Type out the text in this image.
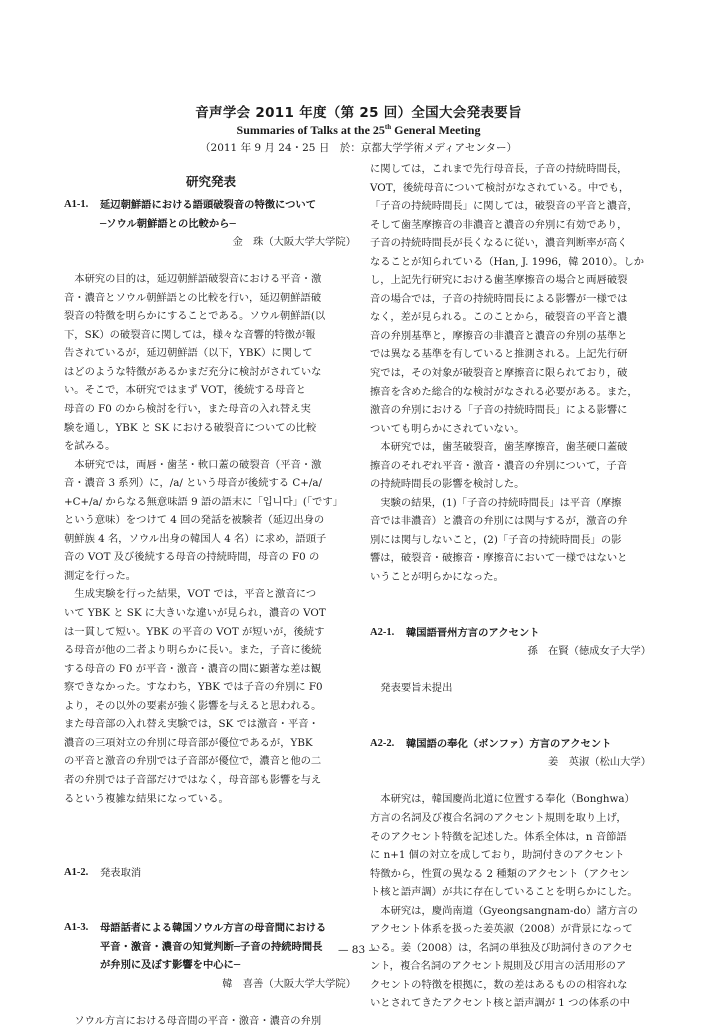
音声学会 2011 年度（第 25 回）全国大会発表要旨
Summaries of Talks at the 25th General Meeting
（2011 年 9 月 24・25 日　於：京都大学学術メディアセンター）
研究発表
A1-1.	延辺朝鮮語における語頭破裂音の特徴について
─ソウル朝鮮語との比較から─
金　珠（大阪大学大学院）
本研究の目的は，延辺朝鮮語破裂音における平音・激
音・濃音とソウル朝鮮語との比較を行い，延辺朝鮮語破
裂音の特徴を明らかにすることである。ソウル朝鮮語(以
下，SK）の破裂音に関しては，様々な音響的特徴が報
告されているが，延辺朝鮮語（以下，YBK）に関して
はどのような特徴があるかまだ充分に検討がされていな
い。そこで，本研究ではまず VOT，後続する母音と
母音の F0 のから検討を行い，また母音の入れ替え実
験を通し，YBK と SK における破裂音についての比較
を試みる。
本研究では，両唇・歯茎・軟口蓋の破裂音（平音・激
音・濃音 3 系列）に，/a/ という母音が後続する C+/a/
+C+/a/ からなる無意味語 9 語の語末に「입니다」(「です」
という意味）をつけて 4 回の発話を被験者（延辺出身の
朝鮮族 4 名，ソウル出身の韓国人 4 名）に求め，語頭子
音の VOT 及び後続する母音の持続時間，母音の F0 の
測定を行った。
生成実験を行った結果，VOT では，平音と激音につ
いて YBK と SK に大きいな違いが見られ，濃音の VOT
は一貫して短い。YBK の平音の VOT が短いが，後続す
る母音が他の二者より明らかに長い。また，子音に後続
する母音の F0 が平音・激音・濃音の間に顕著な差は観
察できなかった。すなわち，YBK では子音の弁別に F0
より，その以外の要素が強く影響を与えると思われる。
また母音部の入れ替え実験では，SK では激音・平音・
濃音の三項対立の弁別に母音部が優位であるが，YBK
の平音と激音の弁別では子音部が優位で，濃音と他の二
者の弁別では子音部だけではなく，母音部も影響を与え
るという複雑な結果になっている。
A1-2.	発表取消
A1-3.	母語話者による韓国ソウル方言の母音間における
平音・激音・濃音の知覚判断─子音の持続時間長
が弁別に及ぼす影響を中心に─
韓　喜善（大阪大学大学院）
ソウル方言における母音間の平音・激音・濃音の弁別
に関しては，これまで先行母音長，子音の持続時間長，
VOT，後続母音について検討がなされている。中でも，
「子音の持続時間長」に関しては，破裂音の平音と濃音，
そして歯茎摩擦音の非濃音と濃音の弁別に有効であり，
子音の持続時間長が長くなるに従い，濃音判断率が高く
なることが知られている（Han, J. 1996，韓 2010）。しか
し，上記先行研究における歯茎摩擦音の場合と両唇破裂
音の場合では，子音の持続時間長による影響が一様では
なく，差が見られる。このことから，破裂音の平音と濃
音の弁別基準と，摩擦音の非濃音と濃音の弁別の基準と
では異なる基準を有していると推測される。上記先行研
究では，その対象が破裂音と摩擦音に限られており，破
擦音を含めた総合的な検討がなされる必要がある。また，
激音の弁別における「子音の持続時間長」による影響に
ついても明らかにされていない。
本研究では，歯茎破裂音，歯茎摩擦音，歯茎硬口蓋破
擦音のそれぞれ平音・激音・濃音の弁別について，子音
の持続時間長の影響を検討した。
実験の結果，(1)「子音の持続時間長」は平音（摩擦
音では非濃音）と濃音の弁別には関与するが，激音の弁
別には関与しないこと，(2)「子音の持続時間長」の影
響は，破裂音・破擦音・摩擦音において一様ではないと
いうことが明らかになった。
A2-1.	韓国語晋州方言のアクセント
孫　在賢（徳成女子大学）
発表要旨未提出
A2-2.	韓国語の奉化（ボンファ）方言のアクセント
姜　英淑（松山大学）
本研究は，韓国慶尚北道に位置する奉化（Bonghwa）
方言の名詞及び複合名詞のアクセント規則を取り上げ，
そのアクセント特徴を記述した。体系全体は，n 音節語
に n+1 個の対立を成しており，助詞付きのアクセント
特徴から，性質の異なる 2 種類のアクセント（アクセン
ト核と語声調）が共に存在していることを明らかにした。
本研究は，慶尚南道（Gyeongsangnam-do）諸方言の
アクセント体系を扱った姜英淑（2008）が背景になって
いる。姜（2008）は，名詞の単独及び助詞付きのアクセ
ント，複合名詞のアクセント規則及び用言の活用形のア
クセントの特徴を根拠に，数の差はあるものの相容れな
いとされてきたアクセント核と語声調が 1 つの体系の中
— 83 —
